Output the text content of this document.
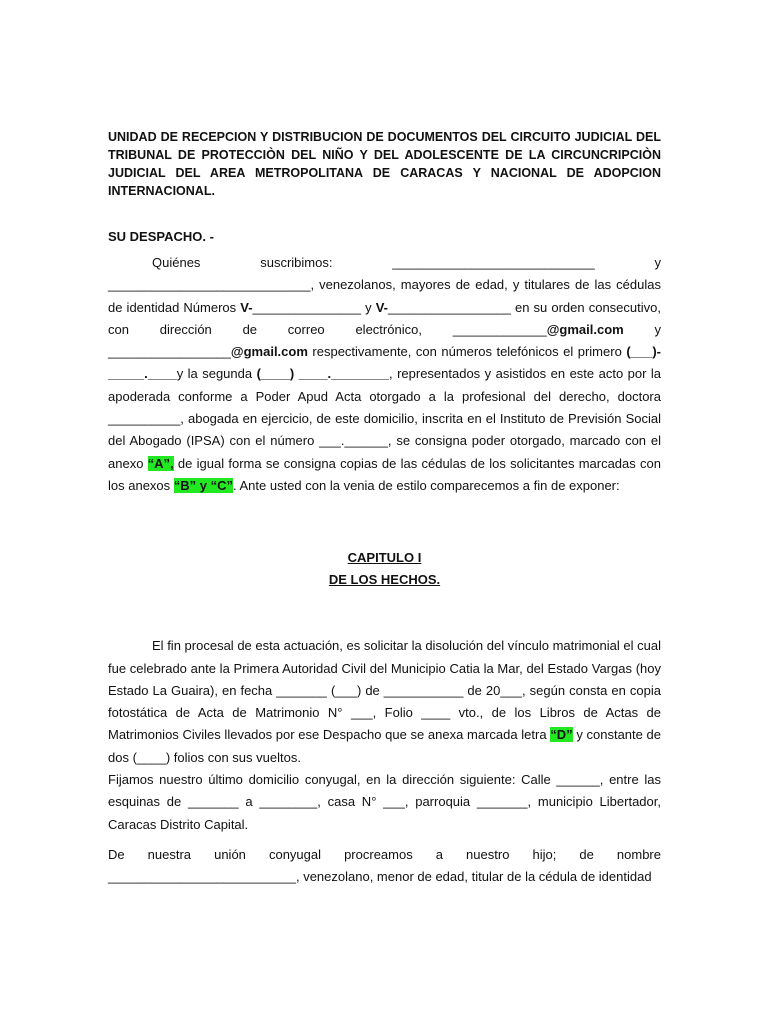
UNIDAD DE RECEPCION Y DISTRIBUCION DE DOCUMENTOS DEL CIRCUITO JUDICIAL DEL TRIBUNAL DE PROTECCIÒN DEL NIÑO Y DEL ADOLESCENTE DE LA CIRCUNCRIPCIÒN JUDICIAL DEL AREA METROPOLITANA DE CARACAS Y NACIONAL DE ADOPCION INTERNACIONAL.

SU DESPACHO. -

Quiénes suscribimos: ____________________________ y ____________________________, venezolanos, mayores de edad, y titulares de las cédulas de identidad Números V-_______________ y V-_________________ en su orden consecutivo, con dirección de correo electrónico, _____________@gmail.com y _________________@gmail.com respectivamente, con números telefónicos el primero (___)-_____.____y la segunda (____) ____.________, representados y asistidos en este acto por la apoderada conforme a Poder Apud Acta otorgado a la profesional del derecho, doctora __________, abogada en ejercicio, de este domicilio, inscrita en el Instituto de Previsión Social del Abogado (IPSA) con el número ___.______, se consigna poder otorgado, marcado con el anexo “A”, de igual forma se consigna copias de las cédulas de los solicitantes marcadas con los anexos “B” y “C”. Ante usted con la venia de estilo comparecemos a fin de exponer:

CAPITULO I

DE LOS HECHOS.

El fin procesal de esta actuación, es solicitar la disolución del vínculo matrimonial el cual fue celebrado ante la Primera Autoridad Civil del Municipio Catia la Mar, del Estado Vargas (hoy Estado La Guaira), en fecha _______ (___) de ___________ de 20___, según consta en copia fotostática de Acta de Matrimonio N° ___, Folio ____ vto., de los Libros de Actas de Matrimonios Civiles llevados por ese Despacho que se anexa marcada letra “D” y constante de dos (____) folios con sus vueltos.

Fijamos nuestro último domicilio conyugal, en la dirección siguiente: Calle ______, entre las esquinas de _______ a ________, casa N° ___, parroquia _______, municipio Libertador, Caracas Distrito Capital.

De nuestra unión conyugal procreamos a nuestro hijo; de nombre __________________________, venezolano, menor de edad, titular de la cédula de identidad
